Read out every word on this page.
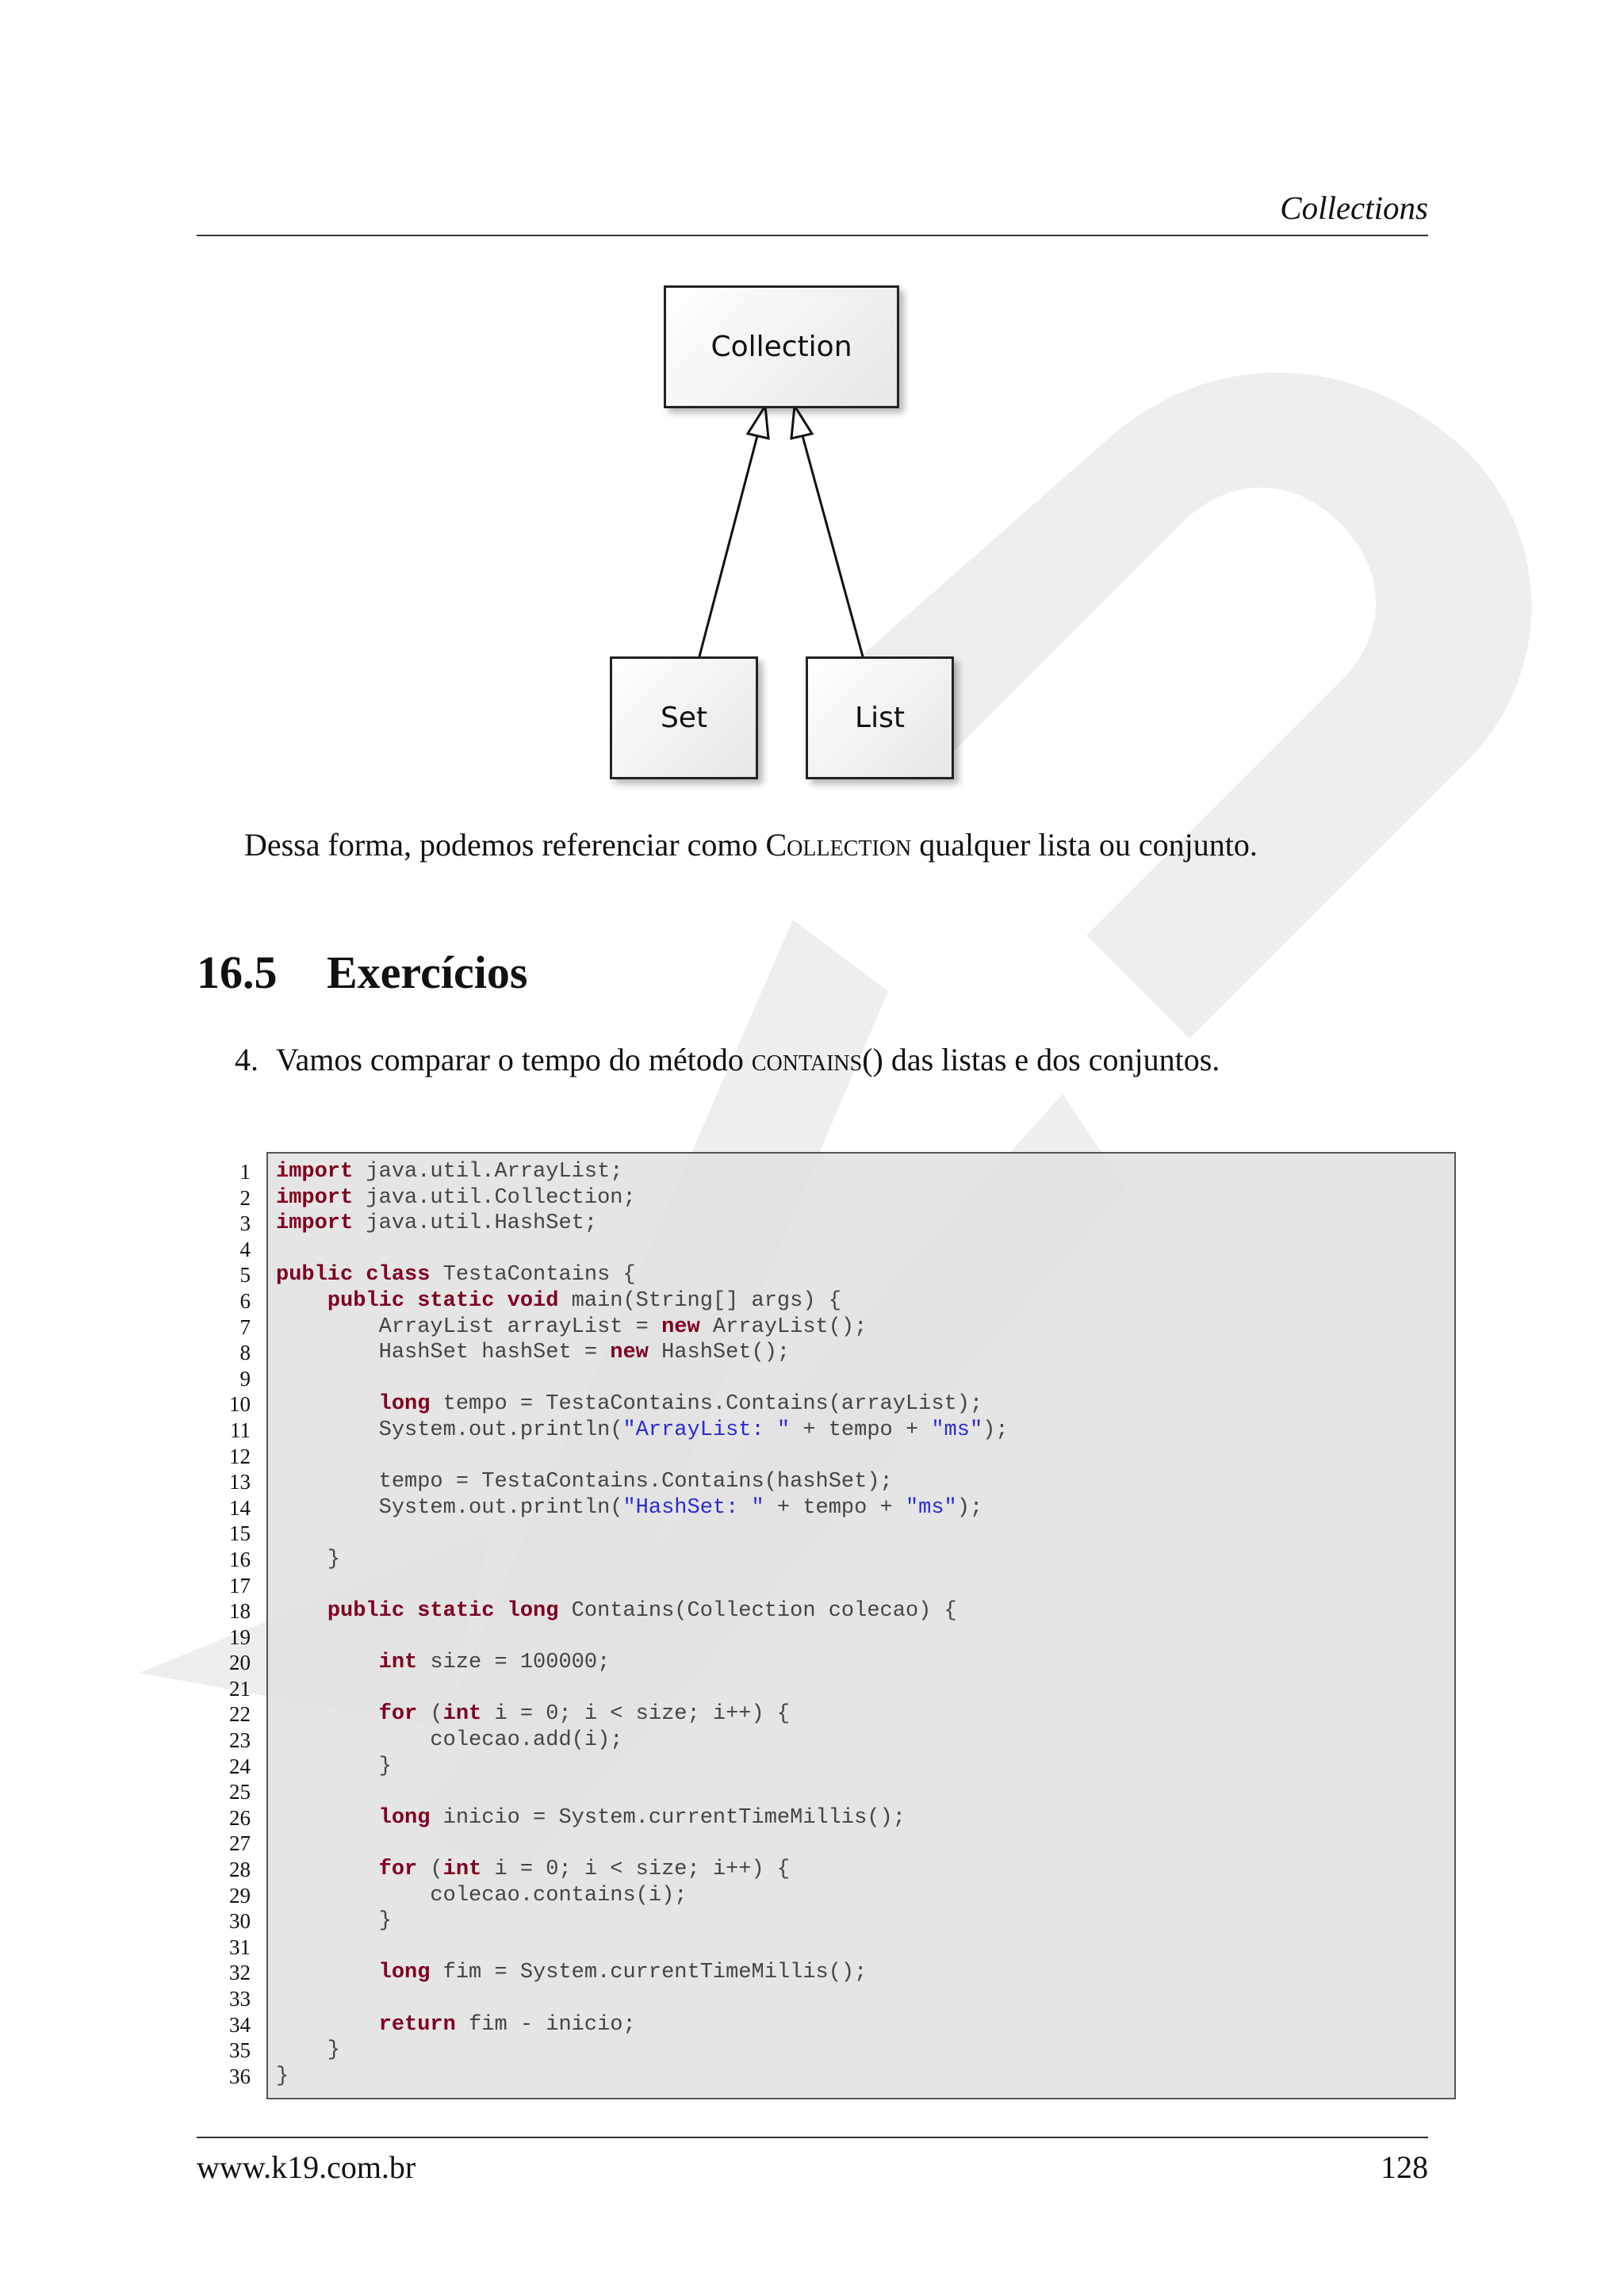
Collections
Collection
Set	List
Dessa forma, podemos referenciar como Collection qualquer lista ou conjunto.
16.5 Exercícios
4. Vamos comparar o tempo do método contains() das listas e dos conjuntos.
1
2
3
4
5
6
7
8
9
10
11
12
13
14
15
16
17
18
19
20
21
22
23
24
25
26
27
28
29
30
31
32
33
34
35
36
import java.util.ArrayList;
import java.util.Collection;
import java.util.HashSet;
public class TestaContains {
public static void main(String[] args) {
ArrayList arrayList = new ArrayList();
HashSet hashSet = new HashSet();
long tempo = TestaContains.Contains(arrayList);
System.out.println("ArrayList: " + tempo + "ms");
tempo = TestaContains.Contains(hashSet);
System.out.println("HashSet: " + tempo + "ms");
}
public static long Contains(Collection colecao) {
int size = 100000;
for (int i = 0; i < size; i++) {
colecao.add(i);
}
long inicio = System.currentTimeMillis();
for (int i = 0; i < size; i++) {
colecao.contains(i);
}
long fim = System.currentTimeMillis();
return fim - inicio;
}
}
www.k19.com.br	128
